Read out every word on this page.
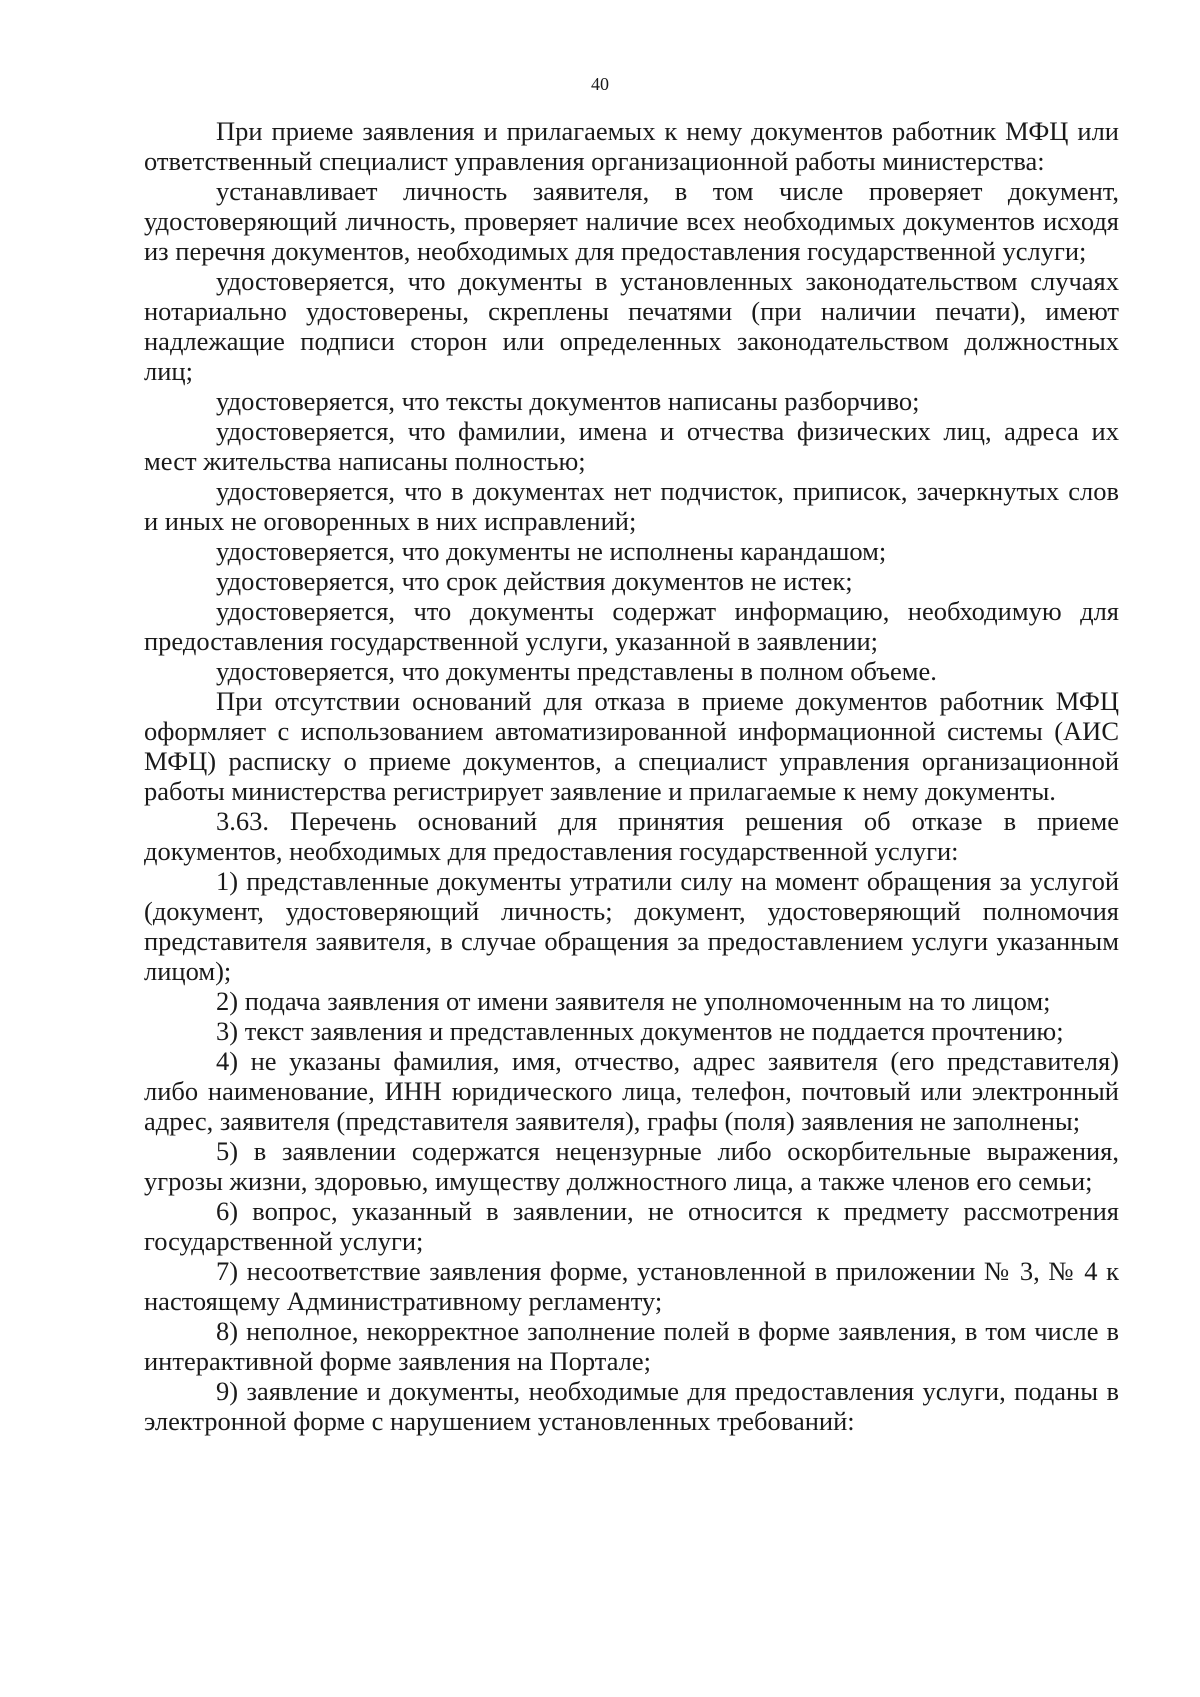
40

При приеме заявления и прилагаемых к нему документов работник МФЦ или ответственный специалист управления организационной работы министерства:

устанавливает личность заявителя, в том числе проверяет документ, удостоверяющий личность, проверяет наличие всех необходимых документов исходя из перечня документов, необходимых для предоставления государственной услуги;

удостоверяется, что документы в установленных законодательством случаях нотариально удостоверены, скреплены печатями (при наличии печати), имеют надлежащие подписи сторон или определенных законодательством должностных лиц;

удостоверяется, что тексты документов написаны разборчиво;

удостоверяется, что фамилии, имена и отчества физических лиц, адреса их мест жительства написаны полностью;

удостоверяется, что в документах нет подчисток, приписок, зачеркнутых слов и иных не оговоренных в них исправлений;

удостоверяется, что документы не исполнены карандашом;

удостоверяется, что срок действия документов не истек;

удостоверяется, что документы содержат информацию, необходимую для предоставления государственной услуги, указанной в заявлении;

удостоверяется, что документы представлены в полном объеме.

При отсутствии оснований для отказа в приеме документов работник МФЦ оформляет с использованием автоматизированной информационной системы (АИС МФЦ) расписку о приеме документов, а специалист управления организационной работы министерства регистрирует заявление и прилагаемые к нему документы.

3.63. Перечень оснований для принятия решения об отказе в приеме документов, необходимых для предоставления государственной услуги:

1) представленные документы утратили силу на момент обращения за услугой (документ, удостоверяющий личность; документ, удостоверяющий полномочия представителя заявителя, в случае обращения за предоставлением услуги указанным лицом);

2) подача заявления от имени заявителя не уполномоченным на то лицом;

3) текст заявления и представленных документов не поддается прочтению;

4) не указаны фамилия, имя, отчество, адрес заявителя (его представителя) либо наименование, ИНН юридического лица, телефон, почтовый или электронный адрес, заявителя (представителя заявителя), графы (поля) заявления не заполнены;

5) в заявлении содержатся нецензурные либо оскорбительные выражения, угрозы жизни, здоровью, имуществу должностного лица, а также членов его семьи;

6) вопрос, указанный в заявлении, не относится к предмету рассмотрения государственной услуги;

7) несоответствие заявления форме, установленной в приложении № 3, № 4 к настоящему Административному регламенту;

8) неполное, некорректное заполнение полей в форме заявления, в том числе в интерактивной форме заявления на Портале;

9) заявление и документы, необходимые для предоставления услуги, поданы в электронной форме с нарушением установленных требований:
